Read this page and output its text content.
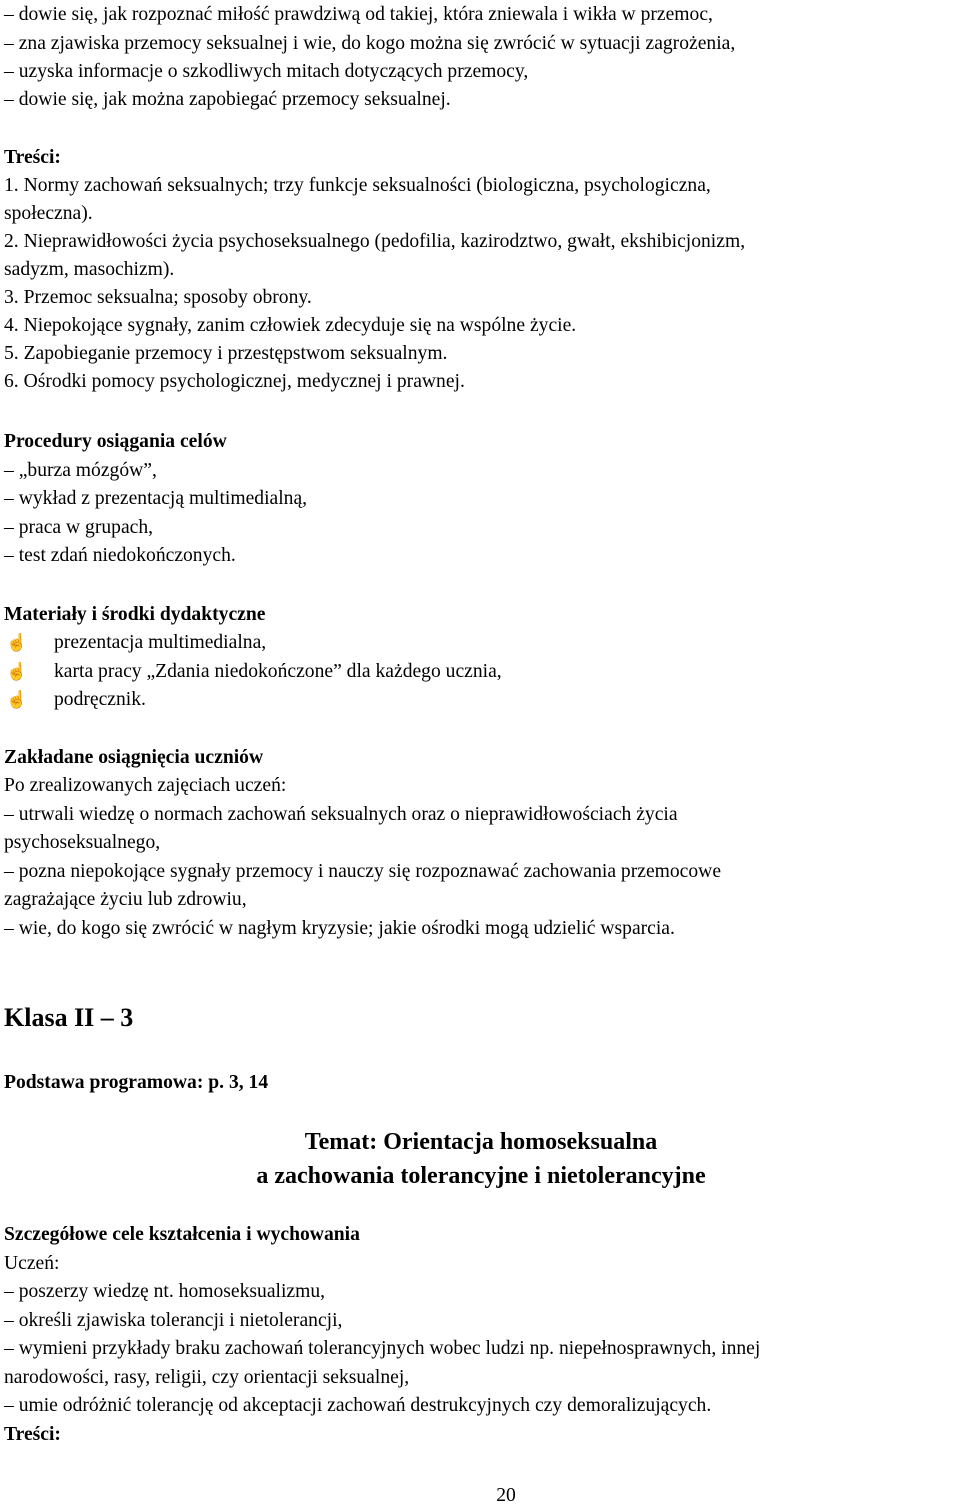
– dowie się, jak rozpoznać miłość prawdziwą od takiej, która zniewala i wikła w przemoc,
– zna zjawiska przemocy seksualnej i wie, do kogo można się zwrócić w sytuacji zagrożenia,
– uzyska informacje o szkodliwych mitach dotyczących przemocy,
– dowie się, jak można zapobiegać przemocy seksualnej.
Treści:
1. Normy zachowań seksualnych; trzy funkcje seksualności (biologiczna, psychologiczna,
społeczna).
2. Nieprawidłowości życia psychoseksualnego (pedofilia, kazirodztwo, gwałt, ekshibicjonizm,
sadyzm, masochizm).
3. Przemoc seksualna; sposoby obrony.
4. Niepokojące sygnały, zanim człowiek zdecyduje się na wspólne życie.
5. Zapobieganie przemocy i przestępstwom seksualnym.
6. Ośrodki pomocy psychologicznej, medycznej i prawnej.
Procedury osiągania celów
– „burza mózgów”,
– wykład z prezentacją multimedialną,
– praca w grupach,
– test zdań niedokończonych.
Materiały i środki dydaktyczne
☝ prezentacja multimedialna,
☝ karta pracy „Zdania niedokończone” dla każdego ucznia,
☝ podręcznik.
Zakładane osiągnięcia uczniów
Po zrealizowanych zajęciach uczeń:
– utrwali wiedzę o normach zachowań seksualnych oraz o nieprawidłowościach życia
psychoseksualnego,
– pozna niepokojące sygnały przemocy i nauczy się rozpoznawać zachowania przemocowe
zagrażające życiu lub zdrowiu,
– wie, do kogo się zwrócić w nagłym kryzysie; jakie ośrodki mogą udzielić wsparcia.
Klasa II – 3
Podstawa programowa: p. 3, 14
Temat: Orientacja homoseksualna
a zachowania tolerancyjne i nietolerancyjne
Szczegółowe cele kształcenia i wychowania
Uczeń:
– poszerzy wiedzę nt. homoseksualizmu,
– określi zjawiska tolerancji i nietolerancji,
– wymieni przykłady braku zachowań tolerancyjnych wobec ludzi np. niepełnosprawnych, innej
narodowości, rasy, religii, czy orientacji seksualnej,
– umie odróżnić tolerancję od akceptacji zachowań destrukcyjnych czy demoralizujących.
Treści:
20
